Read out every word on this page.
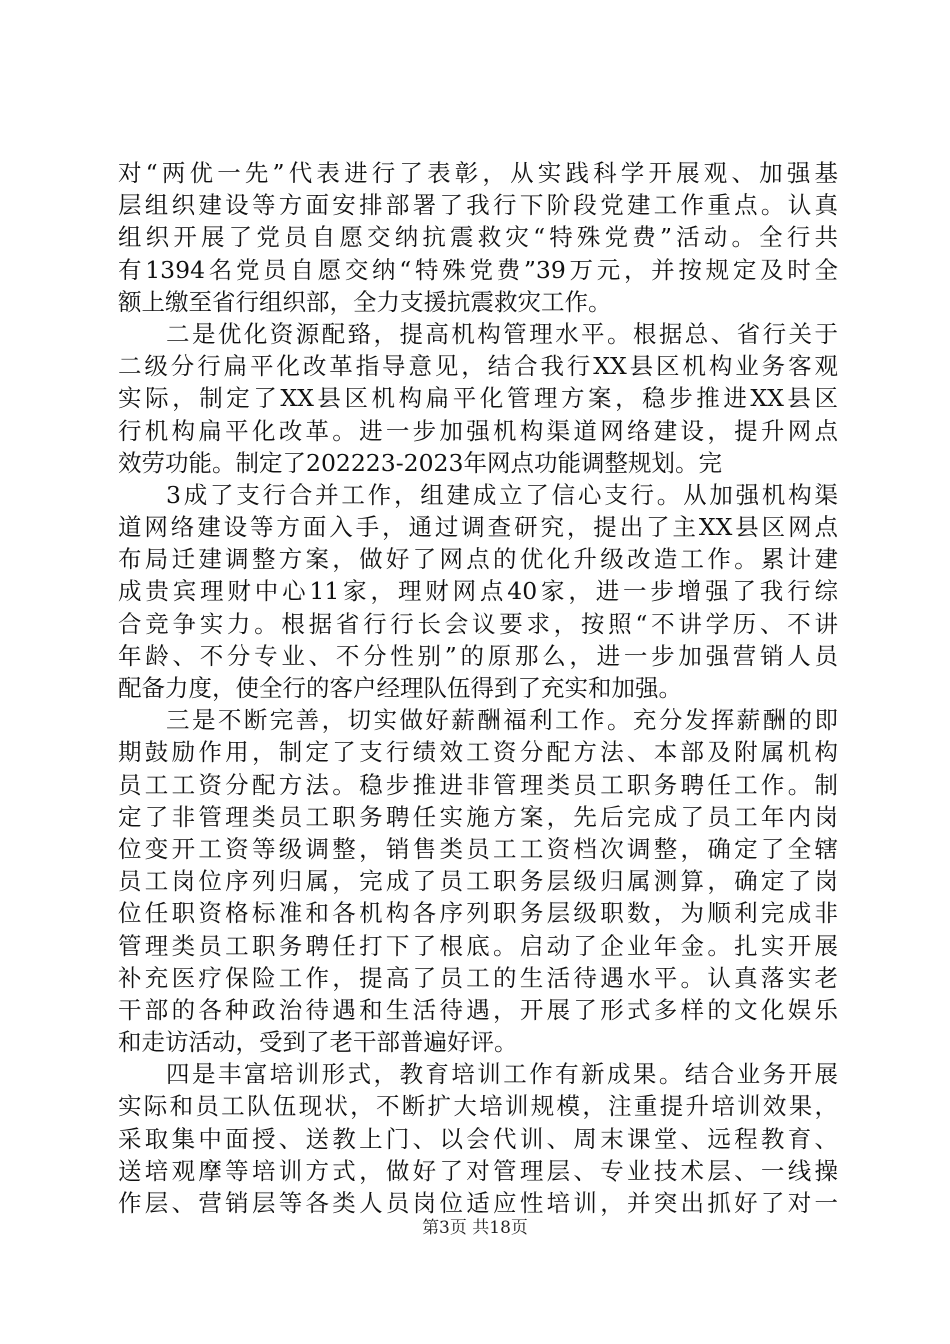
对“两优一先”代表进行了表彰，从实践科学开展观、加强基
层组织建设等方面安排部署了我行下阶段党建工作重点。认真
组织开展了党员自愿交纳抗震救灾“特殊党费”活动。全行共
有1394名党员自愿交纳“特殊党费”39万元，并按规定及时全
额上缴至省行组织部，全力支援抗震救灾工作。
二是优化资源配臵，提高机构管理水平。根据总、省行关于
二级分行扁平化改革指导意见，结合我行XX县区机构业务客观
实际，制定了XX县区机构扁平化管理方案，稳步推进XX县区
行机构扁平化改革。进一步加强机构渠道网络建设，提升网点
效劳功能。制定了202223-2023年网点功能调整规划。完
3成了支行合并工作，组建成立了信心支行。从加强机构渠
道网络建设等方面入手，通过调查研究，提出了主XX县区网点
布局迁建调整方案，做好了网点的优化升级改造工作。累计建
成贵宾理财中心11家，理财网点40家，进一步增强了我行综
合竞争实力。根据省行行长会议要求，按照“不讲学历、不讲
年龄、不分专业、不分性别”的原那么，进一步加强营销人员
配备力度，使全行的客户经理队伍得到了充实和加强。
三是不断完善，切实做好薪酬福利工作。充分发挥薪酬的即
期鼓励作用，制定了支行绩效工资分配方法、本部及附属机构
员工工资分配方法。稳步推进非管理类员工职务聘任工作。制
定了非管理类员工职务聘任实施方案，先后完成了员工年内岗
位变开工资等级调整，销售类员工工资档次调整，确定了全辖
员工岗位序列归属，完成了员工职务层级归属测算，确定了岗
位任职资格标准和各机构各序列职务层级职数，为顺利完成非
管理类员工职务聘任打下了根底。启动了企业年金。扎实开展
补充医疗保险工作，提高了员工的生活待遇水平。认真落实老
干部的各种政治待遇和生活待遇，开展了形式多样的文化娱乐
和走访活动，受到了老干部普遍好评。
四是丰富培训形式，教育培训工作有新成果。结合业务开展
实际和员工队伍现状，不断扩大培训规模，注重提升培训效果，
采取集中面授、送教上门、以会代训、周末课堂、远程教育、
送培观摩等培训方式，做好了对管理层、专业技术层、一线操
作层、营销层等各类人员岗位适应性培训，并突出抓好了对一
第3页 共18页
